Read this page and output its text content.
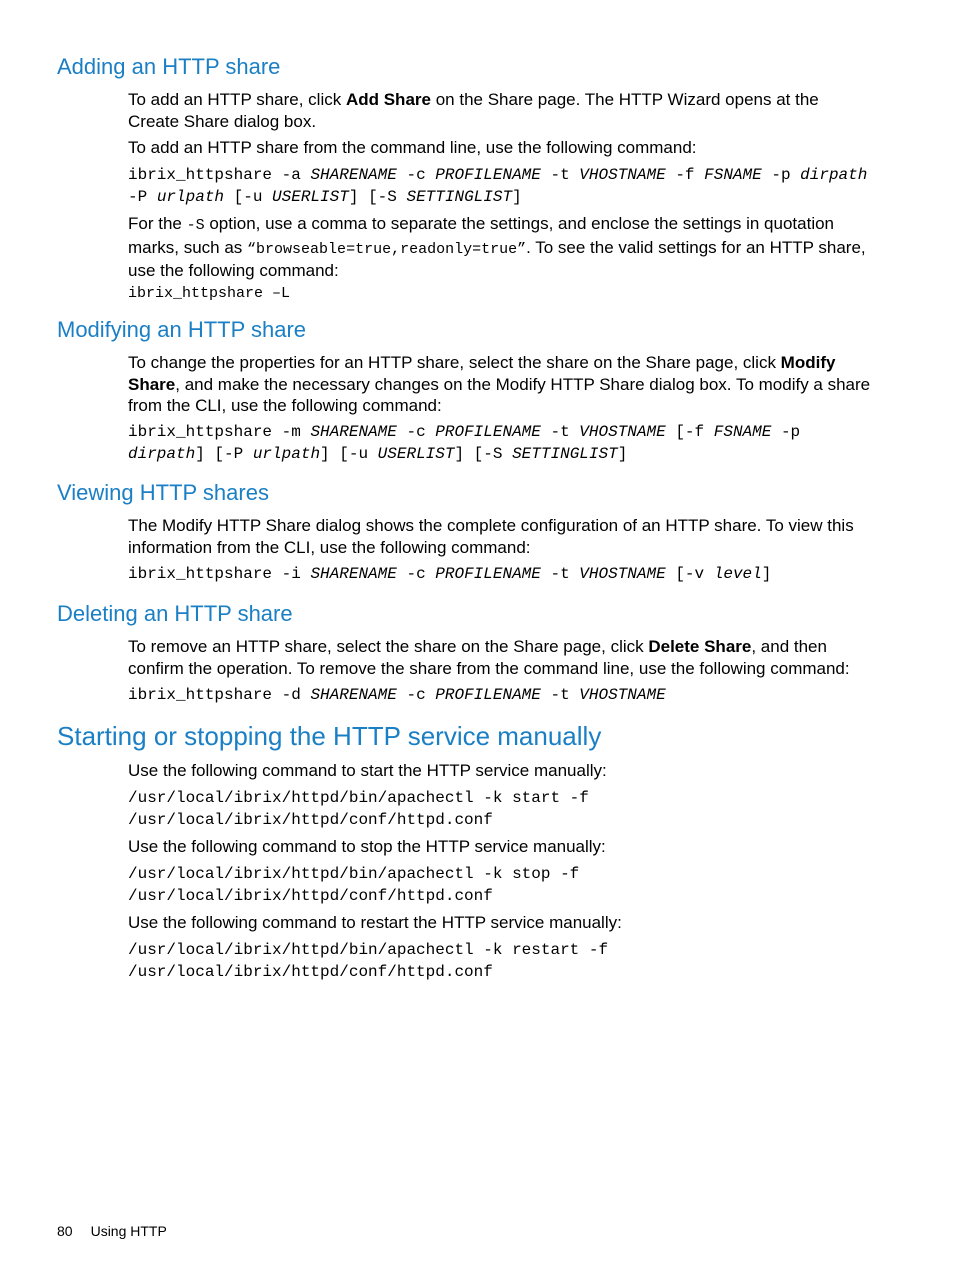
Adding an HTTP share

To add an HTTP share, click Add Share on the Share page. The HTTP Wizard opens at the Create Share dialog box.

To add an HTTP share from the command line, use the following command:

ibrix_httpshare -a SHARENAME -c PROFILENAME -t VHOSTNAME -f FSNAME -p dirpath -P urlpath [-u USERLIST] [-S SETTINGLIST]

For the -S option, use a comma to separate the settings, and enclose the settings in quotation marks, such as “browseable=true,readonly=true”. To see the valid settings for an HTTP share, use the following command:

ibrix_httpshare –L

Modifying an HTTP share

To change the properties for an HTTP share, select the share on the Share page, click Modify Share, and make the necessary changes on the Modify HTTP Share dialog box. To modify a share from the CLI, use the following command:

ibrix_httpshare -m SHARENAME -c PROFILENAME -t VHOSTNAME [-f FSNAME -p dirpath] [-P urlpath] [-u USERLIST] [-S SETTINGLIST]

Viewing HTTP shares

The Modify HTTP Share dialog shows the complete configuration of an HTTP share. To view this information from the CLI, use the following command:

ibrix_httpshare -i SHARENAME -c PROFILENAME -t VHOSTNAME [-v level]

Deleting an HTTP share

To remove an HTTP share, select the share on the Share page, click Delete Share, and then confirm the operation. To remove the share from the command line, use the following command:

ibrix_httpshare -d SHARENAME -c PROFILENAME -t VHOSTNAME

Starting or stopping the HTTP service manually

Use the following command to start the HTTP service manually:

/usr/local/ibrix/httpd/bin/apachectl -k start -f
/usr/local/ibrix/httpd/conf/httpd.conf

Use the following command to stop the HTTP service manually:

/usr/local/ibrix/httpd/bin/apachectl -k stop -f
/usr/local/ibrix/httpd/conf/httpd.conf

Use the following command to restart the HTTP service manually:

/usr/local/ibrix/httpd/bin/apachectl -k restart -f
/usr/local/ibrix/httpd/conf/httpd.conf

80 Using HTTP
